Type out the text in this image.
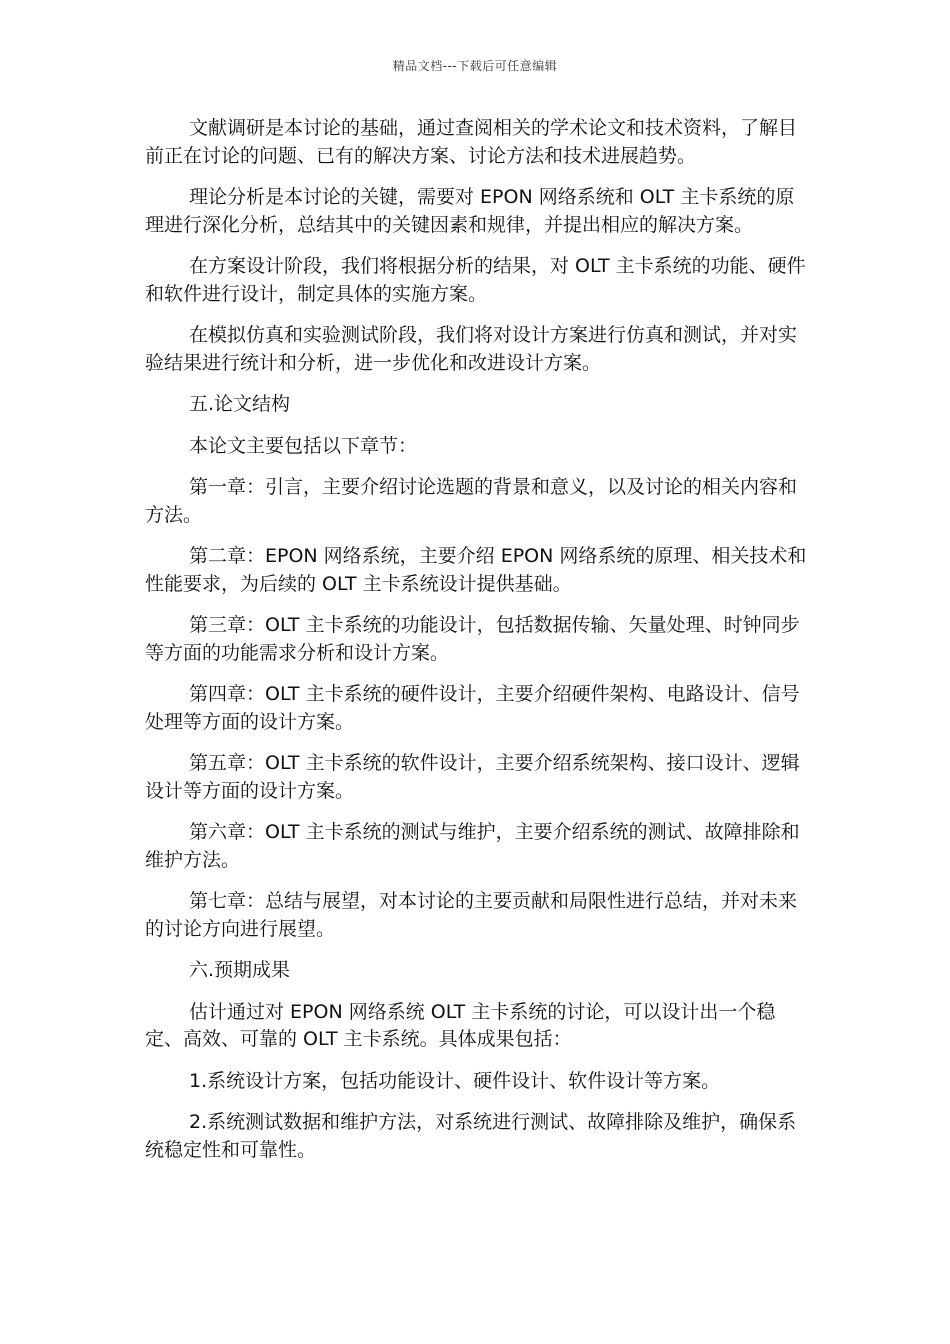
精品文档---下载后可任意编辑

文献调研是本讨论的基础，通过查阅相关的学术论文和技术资料，了解目前正在讨论的问题、已有的解决方案、讨论方法和技术进展趋势。

理论分析是本讨论的关键，需要对 EPON 网络系统和 OLT 主卡系统的原理进行深化分析，总结其中的关键因素和规律，并提出相应的解决方案。

在方案设计阶段，我们将根据分析的结果，对 OLT 主卡系统的功能、硬件和软件进行设计，制定具体的实施方案。

在模拟仿真和实验测试阶段，我们将对设计方案进行仿真和测试，并对实验结果进行统计和分析，进一步优化和改进设计方案。

五.论文结构

本论文主要包括以下章节：

第一章：引言，主要介绍讨论选题的背景和意义，以及讨论的相关内容和方法。

第二章：EPON 网络系统，主要介绍 EPON 网络系统的原理、相关技术和性能要求，为后续的 OLT 主卡系统设计提供基础。

第三章：OLT 主卡系统的功能设计，包括数据传输、矢量处理、时钟同步等方面的功能需求分析和设计方案。

第四章：OLT 主卡系统的硬件设计，主要介绍硬件架构、电路设计、信号处理等方面的设计方案。

第五章：OLT 主卡系统的软件设计，主要介绍系统架构、接口设计、逻辑设计等方面的设计方案。

第六章：OLT 主卡系统的测试与维护，主要介绍系统的测试、故障排除和维护方法。

第七章：总结与展望，对本讨论的主要贡献和局限性进行总结，并对未来的讨论方向进行展望。

六.预期成果

估计通过对 EPON 网络系统 OLT 主卡系统的讨论，可以设计出一个稳定、高效、可靠的 OLT 主卡系统。具体成果包括：

1.系统设计方案，包括功能设计、硬件设计、软件设计等方案。

2.系统测试数据和维护方法，对系统进行测试、故障排除及维护，确保系统稳定性和可靠性。
